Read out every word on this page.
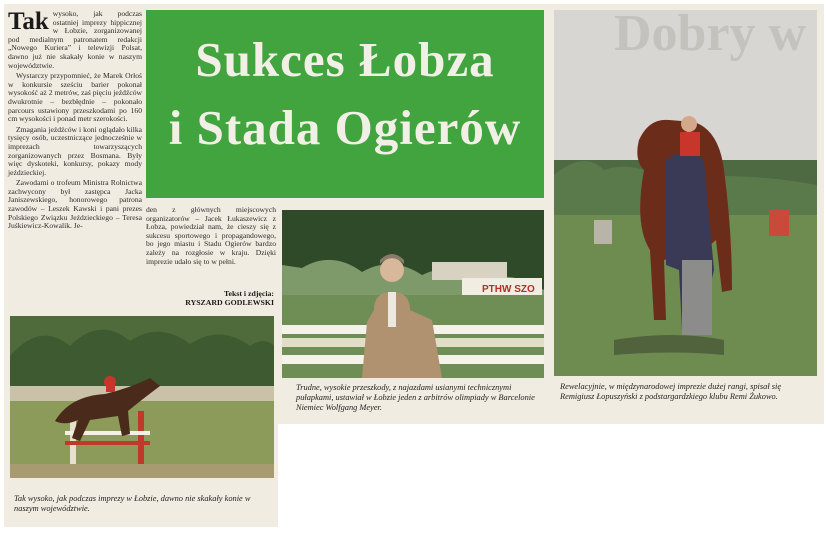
Tak wysoko, jak podczas ostatniej imprezy hippicznej w Łobzie, zorganizowanej pod medialnym patronatem redakcji „Nowego Kuriera” i telewizji Polsat, dawno już nie skakały konie w naszym województwie.

Wystarczy przypomnieć, że Marek Orłoś w konkursie sześciu barier pokonał wysokość aż 2 metrów, zaś pięciu jeźdźców dwukrotnie – bezbłędnie – pokonało parcours ustawiony przeszkodami po 160 cm wysokości i ponad metr szerokości.

Zmagania jeźdźców i koni oglądało kilka tysięcy osób, uczestniczące jednocześnie w imprezach towarzyszących zorganizowanych przez Bosmana. Były więc dyskoteki, konkursy, pokazy mody jeździeckiej.

Zawodami o trofeum Ministra Rolnictwa zachwycony był zastępca Jacka Janiszewskiego, honorowego patrona zawodów – Leszek Kawski i pani prezes Polskiego Związku Jeździeckiego – Teresa Juśkiewicz-Kowalik. Je-

den z głównych miejscowych organizatorów – Jacek Łukaszewicz z Łobza, powiedział nam, że cieszy się z sukcesu sportowego i propagandowego, bo jego miastu i Stadu Ogierów bardzo zależy na rozgłosie w kraju. Dzięki imprezie udało się to w pełni.

Tekst i zdjęcia:
RYSZARD GODLEWSKI
Sukces Łobza
i Stada Ogierów
PTHW SZO
Dobry w
Tak wysoko, jak podczas imprezy w Łobzie, dawno nie skakały konie w naszym województwie.
Trudne, wysokie przeszkody, z najazdami usianymi technicznymi pułapkami, ustawiał w Łobzie jeden z arbitrów olimpiady w Barcelonie Niemiec Wolfgang Meyer.
Rewelacyjnie, w międzynarodowej imprezie dużej rangi, spisał się Remigiusz Łopuszyński z podstargardzkiego klubu Remi Żukowo.
